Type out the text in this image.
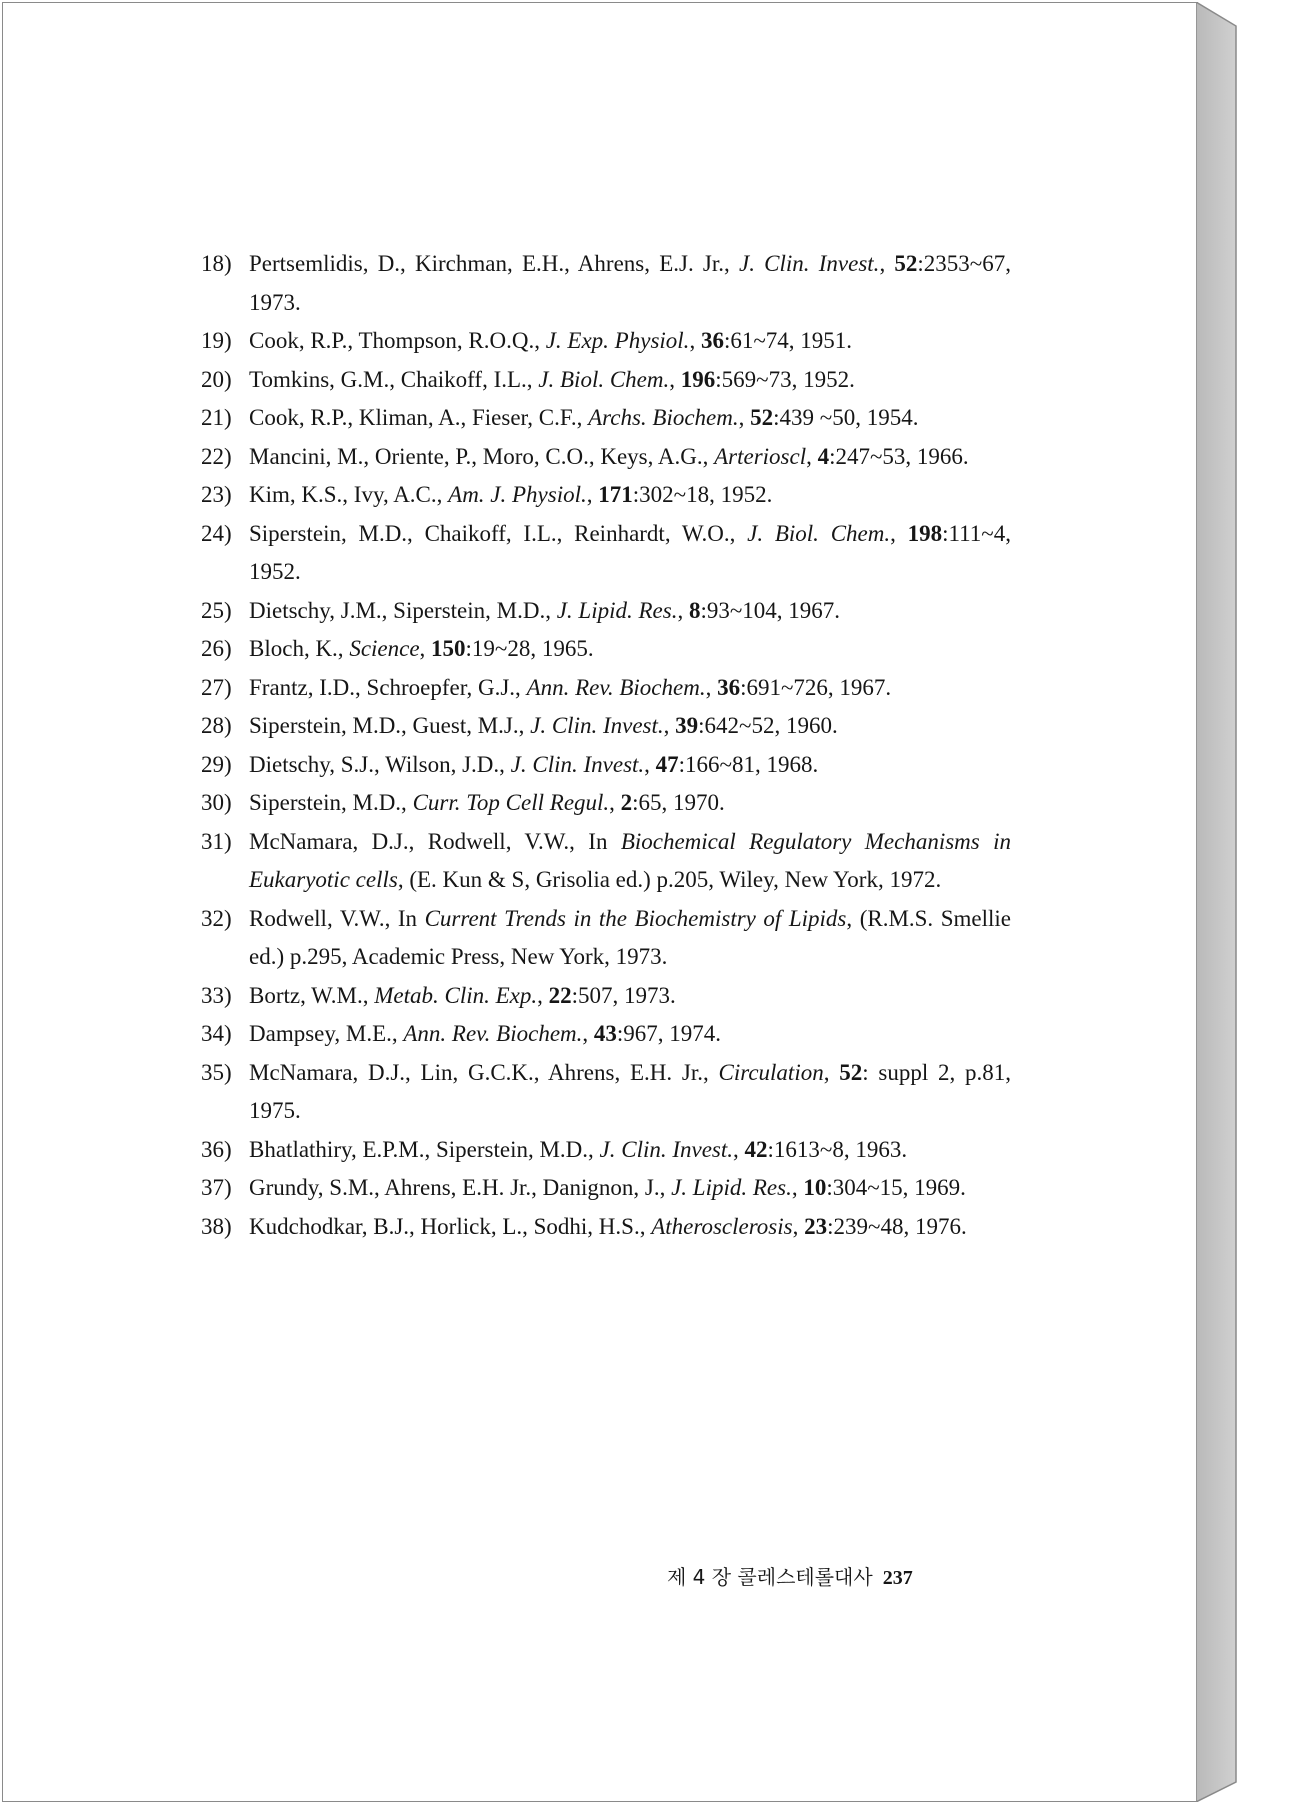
18) Pertsemlidis, D., Kirchman, E.H., Ahrens, E.J. Jr., J. Clin. Invest., 52:2353~67, 1973.
19) Cook, R.P., Thompson, R.O.Q., J. Exp. Physiol., 36:61~74, 1951.
20) Tomkins, G.M., Chaikoff, I.L., J. Biol. Chem., 196:569~73, 1952.
21) Cook, R.P., Kliman, A., Fieser, C.F., Archs. Biochem., 52:439 ~50, 1954.
22) Mancini, M., Oriente, P., Moro, C.O., Keys, A.G., Arterioscl, 4:247~53, 1966.
23) Kim, K.S., Ivy, A.C., Am. J. Physiol., 171:302~18, 1952.
24) Siperstein, M.D., Chaikoff, I.L., Reinhardt, W.O., J. Biol. Chem., 198:111~4, 1952.
25) Dietschy, J.M., Siperstein, M.D., J. Lipid. Res., 8:93~104, 1967.
26) Bloch, K., Science, 150:19~28, 1965.
27) Frantz, I.D., Schroepfer, G.J., Ann. Rev. Biochem., 36:691~726, 1967.
28) Siperstein, M.D., Guest, M.J., J. Clin. Invest., 39:642~52, 1960.
29) Dietschy, S.J., Wilson, J.D., J. Clin. Invest., 47:166~81, 1968.
30) Siperstein, M.D., Curr. Top Cell Regul., 2:65, 1970.
31) McNamara, D.J., Rodwell, V.W., In Biochemical Regulatory Mechanisms in Eukaryotic cells, (E. Kun & S, Grisolia ed.) p.205, Wiley, New York, 1972.
32) Rodwell, V.W., In Current Trends in the Biochemistry of Lipids, (R.M.S. Smellie ed.) p.295, Academic Press, New York, 1973.
33) Bortz, W.M., Metab. Clin. Exp., 22:507, 1973.
34) Dampsey, M.E., Ann. Rev. Biochem., 43:967, 1974.
35) McNamara, D.J., Lin, G.C.K., Ahrens, E.H. Jr., Circulation, 52: suppl 2, p.81, 1975.
36) Bhatlathiry, E.P.M., Siperstein, M.D., J. Clin. Invest., 42:1613~8, 1963.
37) Grundy, S.M., Ahrens, E.H. Jr., Danignon, J., J. Lipid. Res., 10:304~15, 1969.
38) Kudchodkar, B.J., Horlick, L., Sodhi, H.S., Atherosclerosis, 23:239~48, 1976.
제 4 장 콜레스테롤대사 237
